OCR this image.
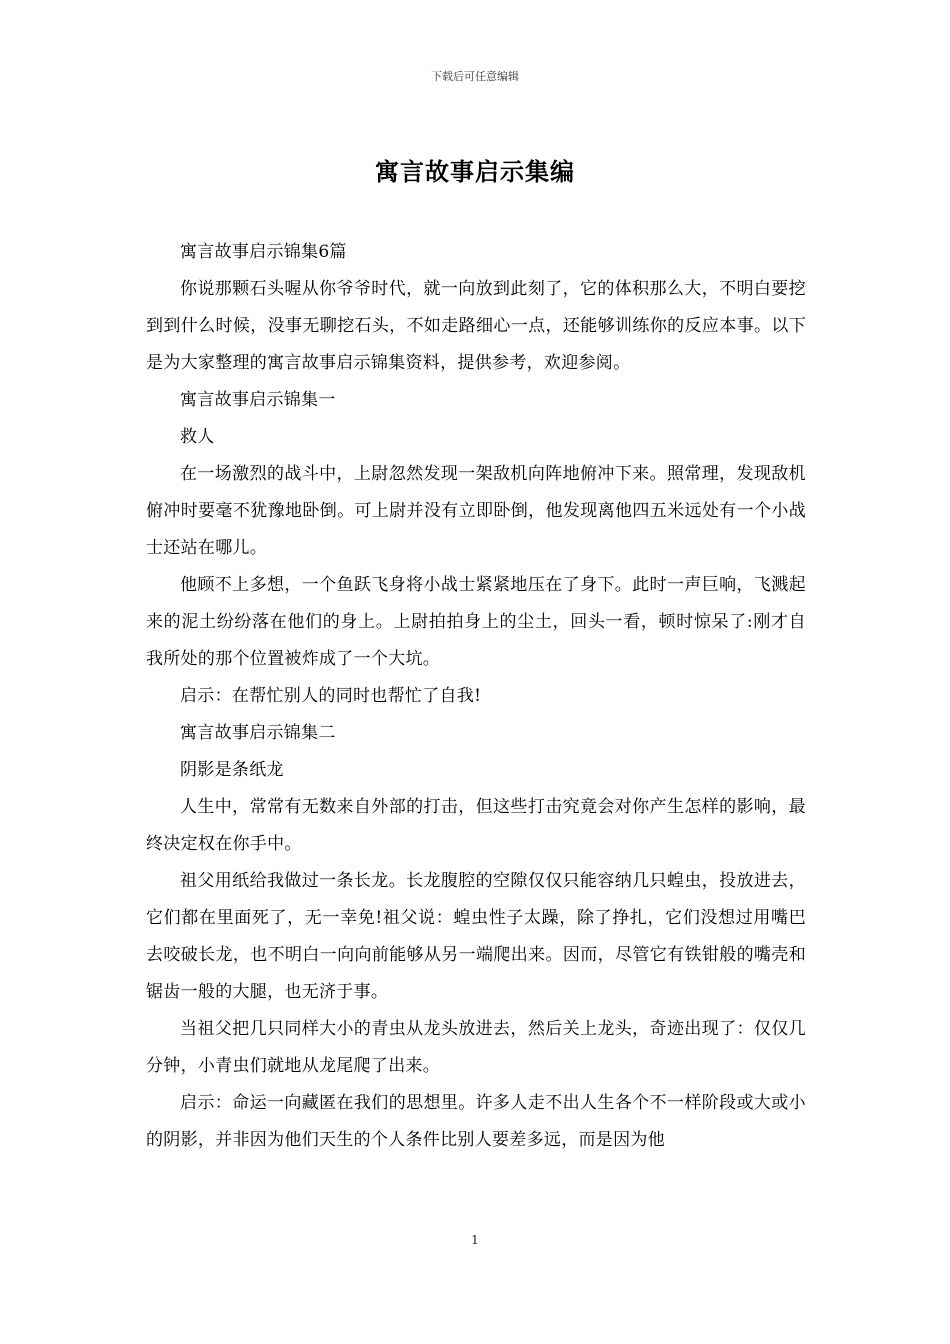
下载后可任意编辑
寓言故事启示集编

寓言故事启示锦集6篇

你说那颗石头喔从你爷爷时代，就一向放到此刻了，它的体积那么大，不明白要挖到到什么时候，没事无聊挖石头，不如走路细心一点，还能够训练你的反应本事。以下是为大家整理的寓言故事启示锦集资料，提供参考，欢迎参阅。

寓言故事启示锦集一

救人

在一场激烈的战斗中，上尉忽然发现一架敌机向阵地俯冲下来。照常理，发现敌机俯冲时要毫不犹豫地卧倒。可上尉并没有立即卧倒，他发现离他四五米远处有一个小战士还站在哪儿。

他顾不上多想，一个鱼跃飞身将小战士紧紧地压在了身下。此时一声巨响，飞溅起来的泥土纷纷落在他们的身上。上尉拍拍身上的尘土，回头一看，顿时惊呆了:刚才自我所处的那个位置被炸成了一个大坑。

启示：在帮忙别人的同时也帮忙了自我!

寓言故事启示锦集二

阴影是条纸龙

人生中，常常有无数来自外部的打击，但这些打击究竟会对你产生怎样的影响，最终决定权在你手中。

祖父用纸给我做过一条长龙。长龙腹腔的空隙仅仅只能容纳几只蝗虫，投放进去，它们都在里面死了，无一幸免!祖父说：蝗虫性子太躁，除了挣扎，它们没想过用嘴巴去咬破长龙，也不明白一向向前能够从另一端爬出来。因而，尽管它有铁钳般的嘴壳和锯齿一般的大腿，也无济于事。

当祖父把几只同样大小的青虫从龙头放进去，然后关上龙头，奇迹出现了：仅仅几分钟，小青虫们就地从龙尾爬了出来。

启示：命运一向藏匿在我们的思想里。许多人走不出人生各个不一样阶段或大或小的阴影，并非因为他们天生的个人条件比别人要差多远，而是因为他

1
